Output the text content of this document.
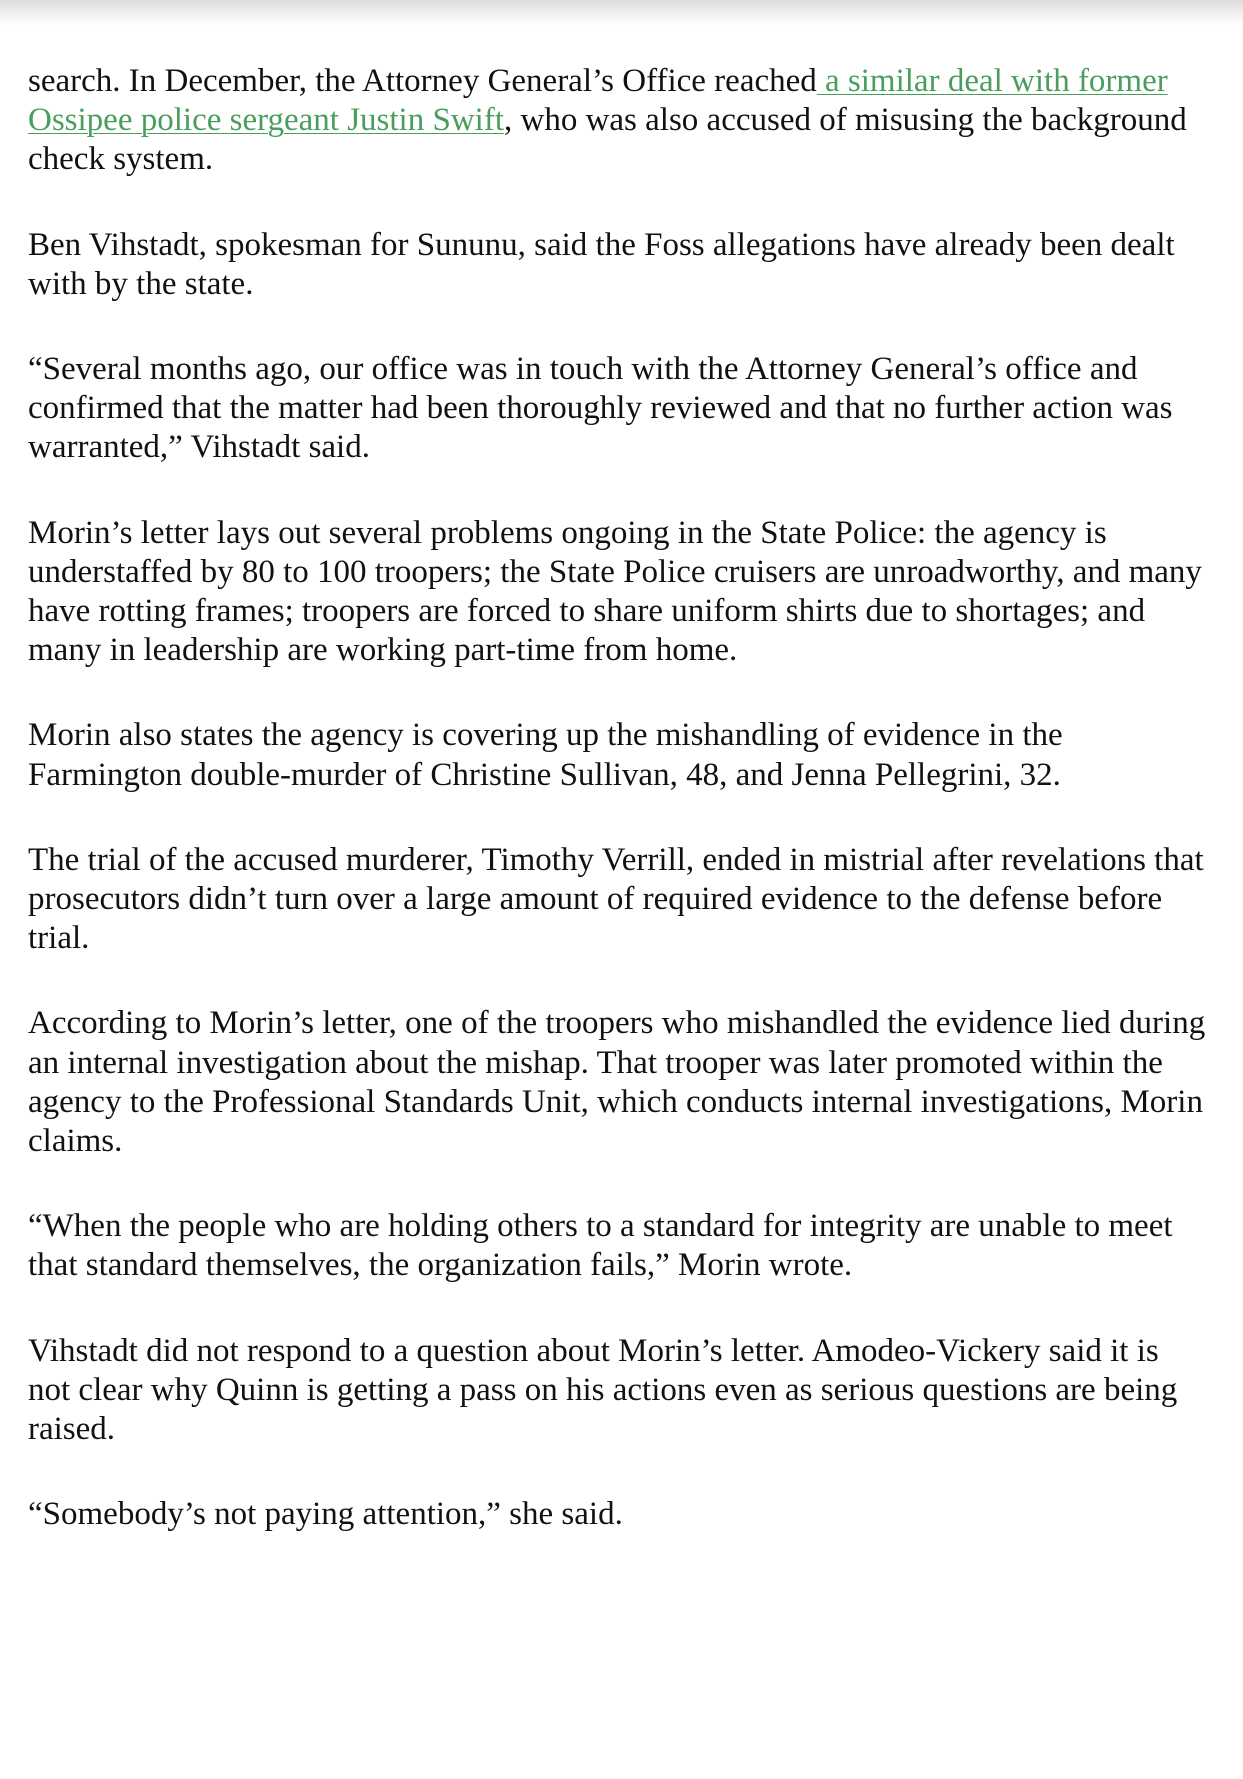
search. In December, the Attorney General’s Office reached a similar deal with former
Ossipee police sergeant Justin Swift, who was also accused of misusing the background
check system.

Ben Vihstadt, spokesman for Sununu, said the Foss allegations have already been dealt
with by the state.

“Several months ago, our office was in touch with the Attorney General’s office and
confirmed that the matter had been thoroughly reviewed and that no further action was
warranted,” Vihstadt said.

Morin’s letter lays out several problems ongoing in the State Police: the agency is
understaffed by 80 to 100 troopers; the State Police cruisers are unroadworthy, and many
have rotting frames; troopers are forced to share uniform shirts due to shortages; and
many in leadership are working part-time from home.

Morin also states the agency is covering up the mishandling of evidence in the
Farmington double-murder of Christine Sullivan, 48, and Jenna Pellegrini, 32.

The trial of the accused murderer, Timothy Verrill, ended in mistrial after revelations that
prosecutors didn’t turn over a large amount of required evidence to the defense before
trial.

According to Morin’s letter, one of the troopers who mishandled the evidence lied during
an internal investigation about the mishap. That trooper was later promoted within the
agency to the Professional Standards Unit, which conducts internal investigations, Morin
claims.

“When the people who are holding others to a standard for integrity are unable to meet
that standard themselves, the organization fails,” Morin wrote.

Vihstadt did not respond to a question about Morin’s letter. Amodeo-Vickery said it is
not clear why Quinn is getting a pass on his actions even as serious questions are being
raised.

“Somebody’s not paying attention,” she said.
